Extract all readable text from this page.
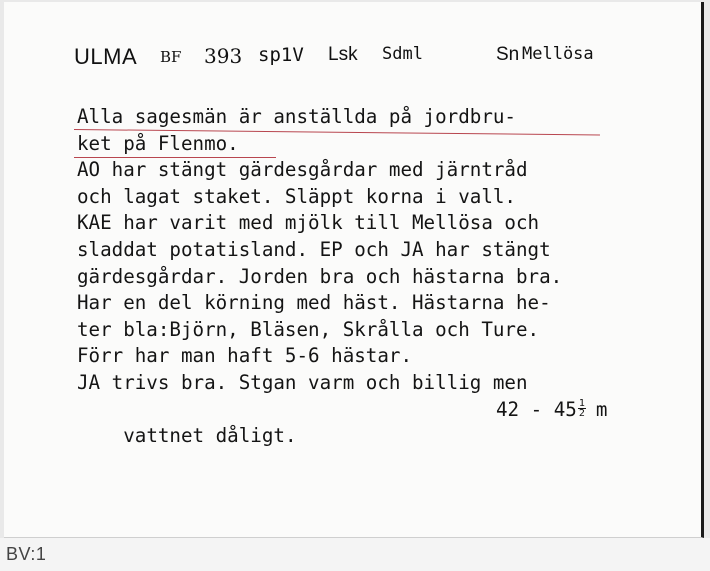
ULMA BF 393 sp1V Lsk Sdml	Sn Mellösa
Alla sagesmän är anställda på jordbru-
ket på Flenmo.
AO har stängt gärdesgårdar med järntråd
och lagat staket. Släppt korna i vall.
KAE har varit med mjölk till Mellösa och
sladdat potatisland. EP och JA har stängt
gärdesgårdar. Jorden bra och hästarna bra.
Har en del körning med häst. Hästarna he-
ter bla:Björn, Bläsen, Skrålla och Ture.
Förr har man haft 5-6 hästar.
JA trivs bra. Stgan varm och billig men

vattnet dåligt.

$42 - 45 \frac{1}{2}$ m

BV:1
